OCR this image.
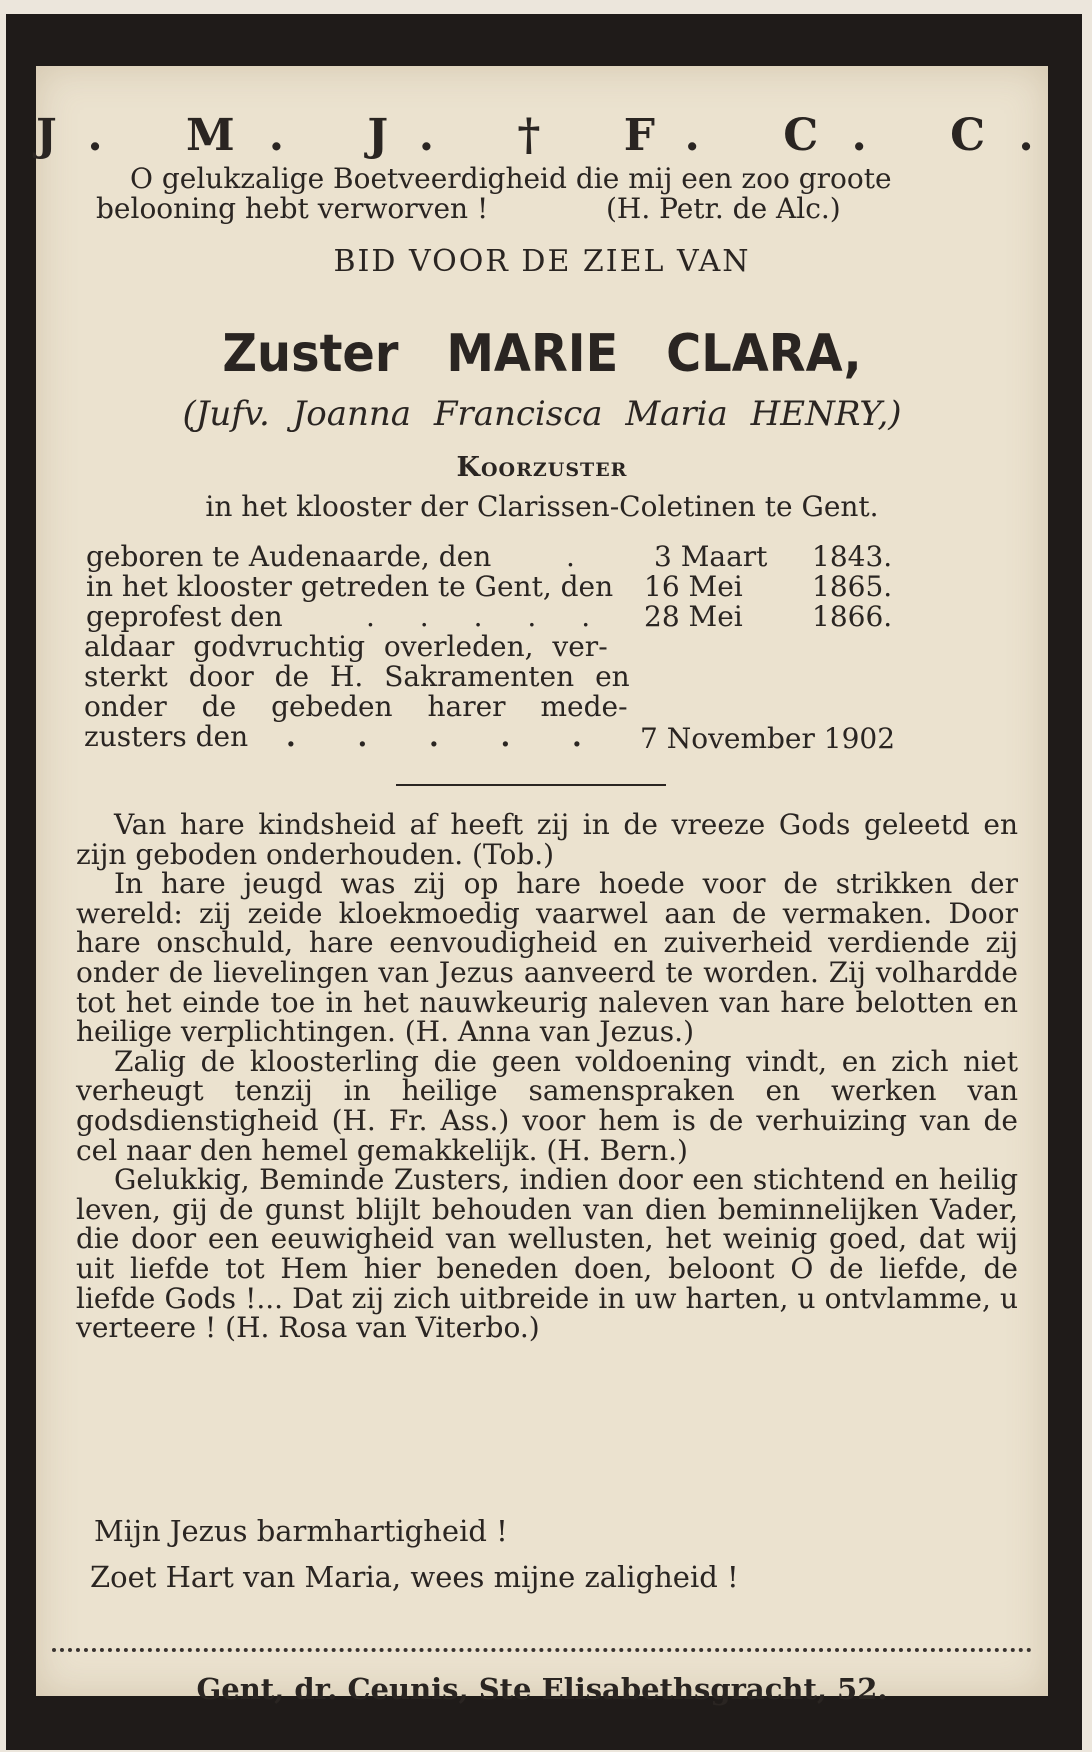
J. M. J. † F. C. C.
O gelukzalige Boetveerdigheid die mij een zoo groote
belooning hebt verworven !	(H. Petr. de Alc.)
BID VOOR DE ZIEL VAN
Zuster MARIE CLARA,
(Jufv. Joanna Francisca Maria HENRY,)
Koorzuster
in het klooster der Clarissen-Coletinen te Gent.
geboren te Audenaarde, den	.	3 Maart 1843.
in het klooster getreden te Gent, den 16 Mei 1865.
geprofest den	. . . . . 28 Mei 1866.
aldaar godvruchtig overleden, ver-
sterkt door de H. Sakramenten en
onder de gebeden harer mede-
zusters den . . . . . 7 November 1902

Van hare kindsheid af heeft zij in de vreeze Gods geleetd en zijn geboden onderhouden. (Tob.)

In hare jeugd was zij op hare hoede voor de strikken der wereld: zij zeide kloekmoedig vaarwel aan de vermaken. Door hare onschuld, hare eenvoudigheid en zuiverheid verdiende zij onder de lievelingen van Jezus aanveerd te worden. Zij volhardde tot het einde toe in het nauwkeurig naleven van hare belotten en heilige verplichtingen. (H. Anna van Jezus.)

Zalig de kloosterling die geen voldoening vindt, en zich niet verheugt tenzij in heilige samenspraken en werken van godsdienstigheid (H. Fr. Ass.) voor hem is de verhuizing van de cel naar den hemel gemakkelijk. (H. Bern.)

Gelukkig, Beminde Zusters, indien door een stichtend en heilig leven, gij de gunst blijlt behouden van dien beminnelijken Vader, die door een eeuwigheid van wellusten, het weinig goed, dat wij uit liefde tot Hem hier beneden doen, beloont O de liefde, de liefde Gods !... Dat zij zich uitbreide in uw harten, u ontvlamme, u verteere ! (H. Rosa van Viterbo.)

Mijn Jezus barmhartigheid !
Zoet Hart van Maria, wees mijne zaligheid !
Gent, dr. Ceunis, Ste Elisabethsgracht, 52.
